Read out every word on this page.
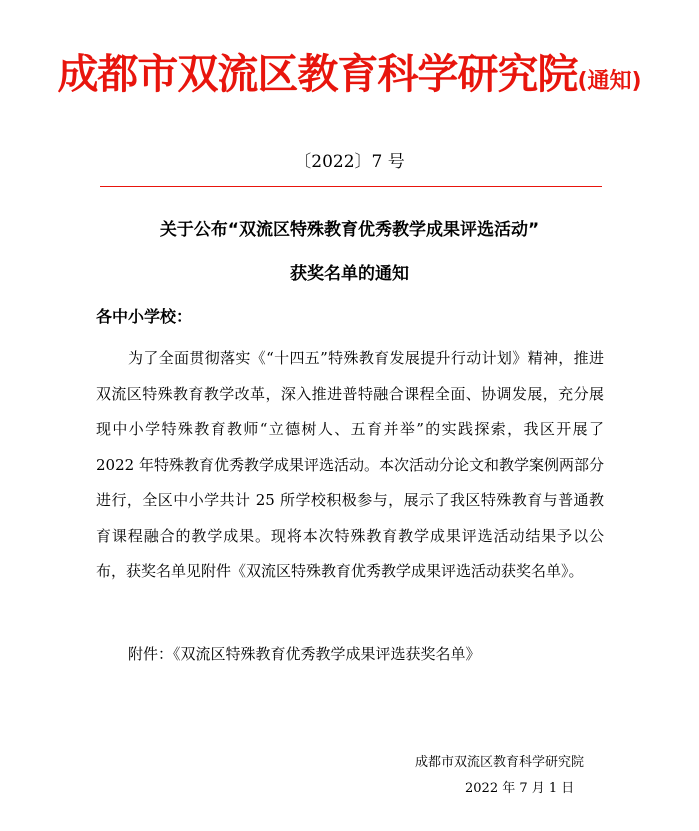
成都市双流区教育科学研究院(通知)
〔2022〕7 号
关于公布“双流区特殊教育优秀教学成果评选活动”
获奖名单的通知
各中小学校：

为了全面贯彻落实《“十四五”特殊教育发展提升行动计划》精神，推进双流区特殊教育教学改革，深入推进普特融合课程全面、协调发展，充分展现中小学特殊教育教师“立德树人、五育并举”的实践探索，我区开展了 2022 年特殊教育优秀教学成果评选活动。本次活动分论文和教学案例两部分进行，全区中小学共计 25 所学校积极参与，展示了我区特殊教育与普通教育课程融合的教学成果。现将本次特殊教育教学成果评选活动结果予以公布，获奖名单见附件《双流区特殊教育优秀教学成果评选活动获奖名单》。

附件：《双流区特殊教育优秀教学成果评选获奖名单》
成都市双流区教育科学研究院
2022 年 7 月 1 日
